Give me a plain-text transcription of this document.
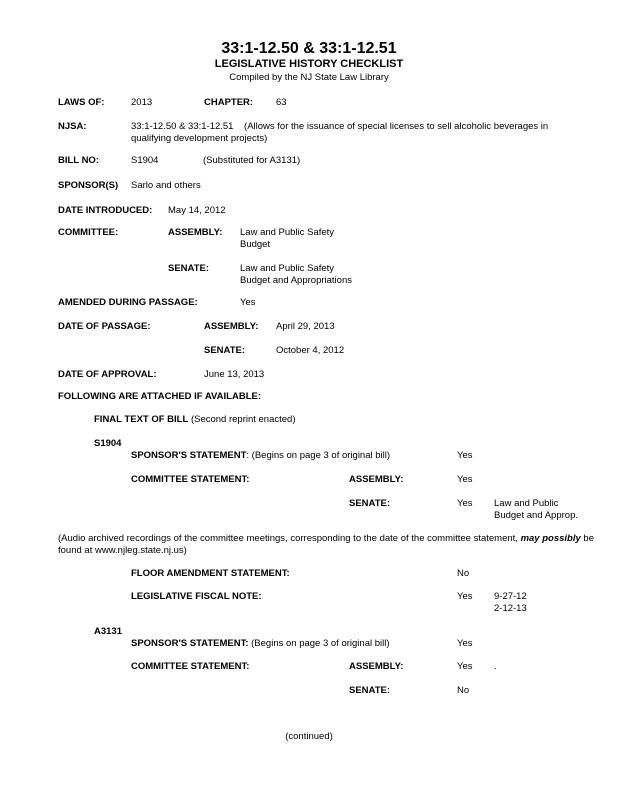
33:1-12.50 & 33:1-12.51
LEGISLATIVE HISTORY CHECKLIST
Compiled by the NJ State Law Library
LAWS OF:	2013	CHAPTER: 63
NJSA:	33:1-12.50 & 33:1-12.51    (Allows for the issuance of special licenses to sell alcoholic beverages in qualifying development projects)
BILL NO:	S1904	(Substituted for A3131)
SPONSOR(S) Sarlo and others
DATE INTRODUCED: May 14, 2012
COMMITTEE:	ASSEMBLY: Law and Public Safety
Budget
SENATE:	Law and Public Safety
Budget and Appropriations
AMENDED DURING PASSAGE:	Yes
DATE OF PASSAGE:	ASSEMBLY: April 29, 2013
SENATE:	October 4, 2012
DATE OF APPROVAL:	June 13, 2013
FOLLOWING ARE ATTACHED IF AVAILABLE:
FINAL TEXT OF BILL (Second reprint enacted)
S1904
SPONSOR'S STATEMENT: (Begins on page 3 of original bill)	Yes
COMMITTEE STATEMENT:	ASSEMBLY:	Yes
SENATE:	Yes Law and Public
Budget and Approp.
(Audio archived recordings of the committee meetings, corresponding to the date of the committee statement, may possibly be found at www.njleg.state.nj.us)
FLOOR AMENDMENT STATEMENT:	No
LEGISLATIVE FISCAL NOTE:	Yes 9-27-12
2-12-13
A3131
SPONSOR'S STATEMENT: (Begins on page 3 of original bill)	Yes
COMMITTEE STATEMENT:	ASSEMBLY:	Yes .
SENATE:	No
(continued)
